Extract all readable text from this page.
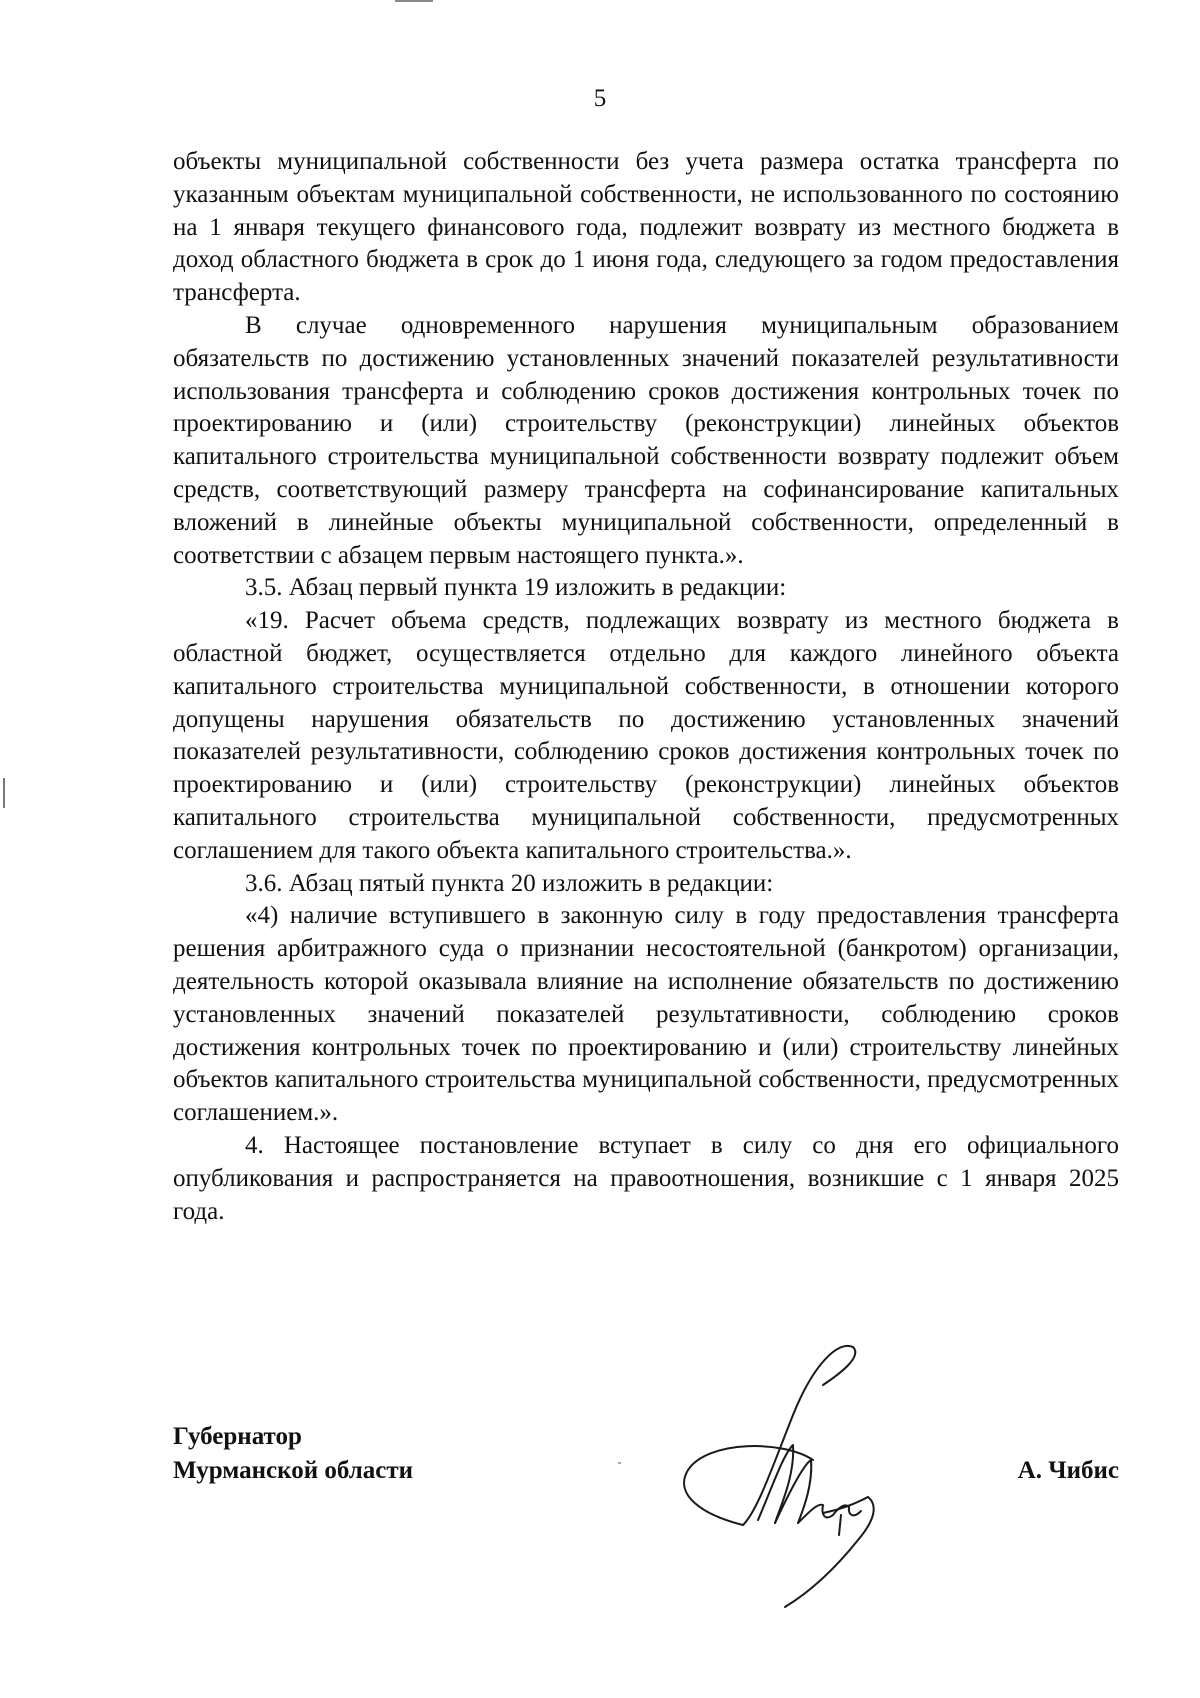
5

объекты муниципальной собственности без учета размера остатка трансферта по указанным объектам муниципальной собственности, не использованного по состоянию на 1 января текущего финансового года, подлежит возврату из местного бюджета в доход областного бюджета в срок до 1 июня года, следующего за годом предоставления трансферта.

В случае одновременного нарушения муниципальным образованием обязательств по достижению установленных значений показателей результативности использования трансферта и соблюдению сроков достижения контрольных точек по проектированию и (или) строительству (реконструкции) линейных объектов капитального строительства муниципальной собственности возврату подлежит объем средств, соответствующий размеру трансферта на софинансирование капитальных вложений в линейные объекты муниципальной собственности, определенный в соответствии с абзацем первым настоящего пункта.».

3.5. Абзац первый пункта 19 изложить в редакции:

«19. Расчет объема средств, подлежащих возврату из местного бюджета в областной бюджет, осуществляется отдельно для каждого линейного объекта капитального строительства муниципальной собственности, в отношении которого допущены нарушения обязательств по достижению установленных значений показателей результативности, соблюдению сроков достижения контрольных точек по проектированию и (или) строительству (реконструкции) линейных объектов капитального строительства муниципальной собственности, предусмотренных соглашением для такого объекта капитального строительства.».

3.6. Абзац пятый пункта 20 изложить в редакции:

«4) наличие вступившего в законную силу в году предоставления трансферта решения арбитражного суда о признании несостоятельной (банкротом) организации, деятельность которой оказывала влияние на исполнение обязательств по достижению установленных значений показателей результативности, соблюдению сроков достижения контрольных точек по проектированию и (или) строительству линейных объектов капитального строительства муниципальной собственности, предусмотренных соглашением.».

4. Настоящее постановление вступает в силу со дня его официального опубликования и распространяется на правоотношения, возникшие с 1 января 2025 года.

Губернатор
Мурманской области	А. Чибис
